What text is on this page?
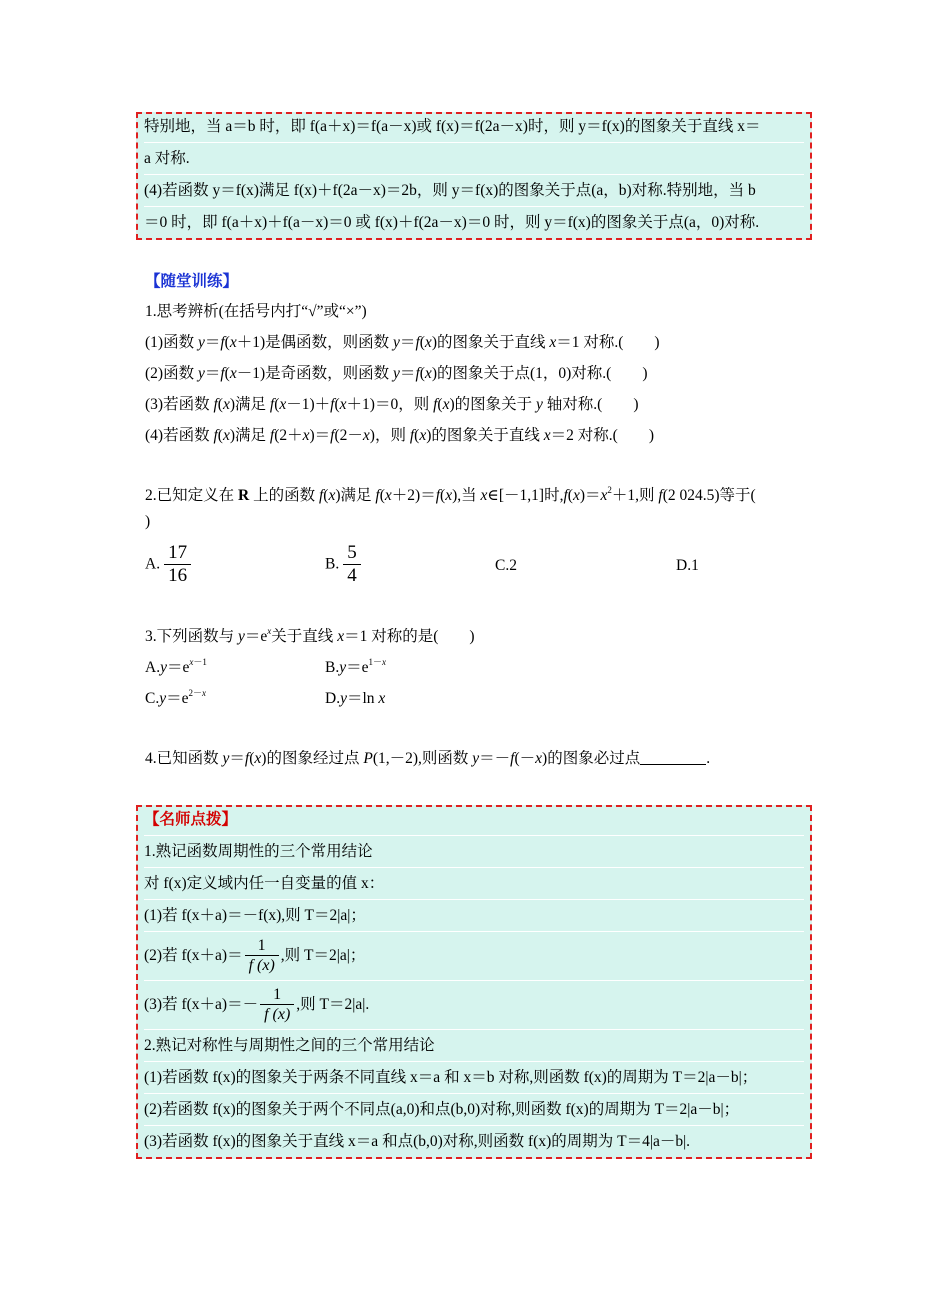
特别地，当 a＝b 时，即 f(a＋x)＝f(a－x)或 f(x)＝f(2a－x)时，则 y＝f(x)的图象关于直线 x＝
a 对称.
(4)若函数 y＝f(x)满足 f(x)＋f(2a－x)＝2b，则 y＝f(x)的图象关于点(a，b)对称.特别地，当 b
＝0 时，即 f(a＋x)＋f(a－x)＝0 或 f(x)＋f(2a－x)＝0 时，则 y＝f(x)的图象关于点(a，0)对称.
【随堂训练】
1.思考辨析(在括号内打“√”或“×”)
(1)函数 y＝f(x＋1)是偶函数，则函数 y＝f(x)的图象关于直线 x＝1 对称.(　　)
(2)函数 y＝f(x－1)是奇函数，则函数 y＝f(x)的图象关于点(1，0)对称.(　　)
(3)若函数 f(x)满足 f(x－1)＋f(x＋1)＝0，则 f(x)的图象关于 y 轴对称.(　　)
(4)若函数 f(x)满足 f(2＋x)＝f(2－x)，则 f(x)的图象关于直线 x＝2 对称.(　　)
2.已知定义在 R 上的函数 f(x)满足 f(x＋2)＝f(x),当 x∈[－1,1]时$,f(x)=x^2+1$,则 f(2 024.5)等于(
)
A. $\frac{17}{16}$	B. $\frac{5}{4}$	C.2	D.1
3.下列函数与 $y=e^x$关于直线 x＝1 对称的是(　　)
$A.y=e^{x-1}$	$B.y=e^{1-x}$
$C.y=e^{2-x}$	D.y＝ln x
4.已知函数 y＝f(x)的图象经过点 P(1,－2),则函数 y＝－f(－x)的图象必过点	.
【名师点拨】
1.熟记函数周期性的三个常用结论
对 f(x)定义域内任一自变量的值 x：
(1)若 f(x＋a)＝－f(x),则 T＝2|a|；
(2)若 $f(x+a)= \frac{1}{f (x)}$ ,则 T＝2|a|；
(3)若 $f(x+a)=- \frac{1}{f (x)}$ ,则 T＝2|a|.
2.熟记对称性与周期性之间的三个常用结论
(1)若函数 f(x)的图象关于两条不同直线 x＝a 和 x＝b 对称,则函数 f(x)的周期为 T＝2|a－b|；
(2)若函数 f(x)的图象关于两个不同点(a,0)和点(b,0)对称,则函数 f(x)的周期为 T＝2|a－b|；
(3)若函数 f(x)的图象关于直线 x＝a 和点(b,0)对称,则函数 f(x)的周期为 T＝4|a－b|.
